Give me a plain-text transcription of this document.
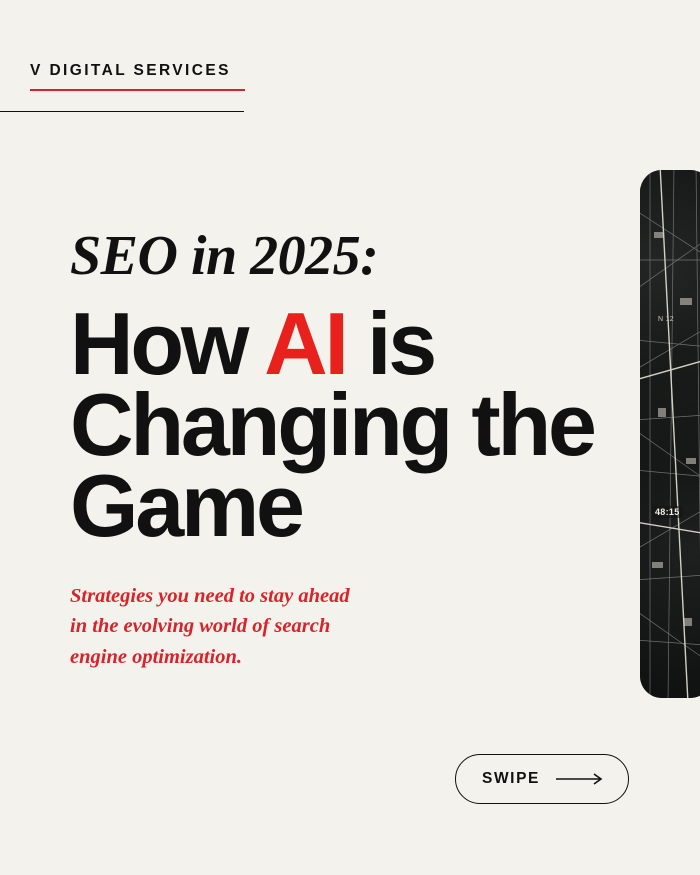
V DIGITAL SERVICES
SEO in 2025:
How AI is
Changing the
Game
Strategies you need to stay ahead
in the evolving world of search
engine optimization.
N 12
48:15
SWIPE
